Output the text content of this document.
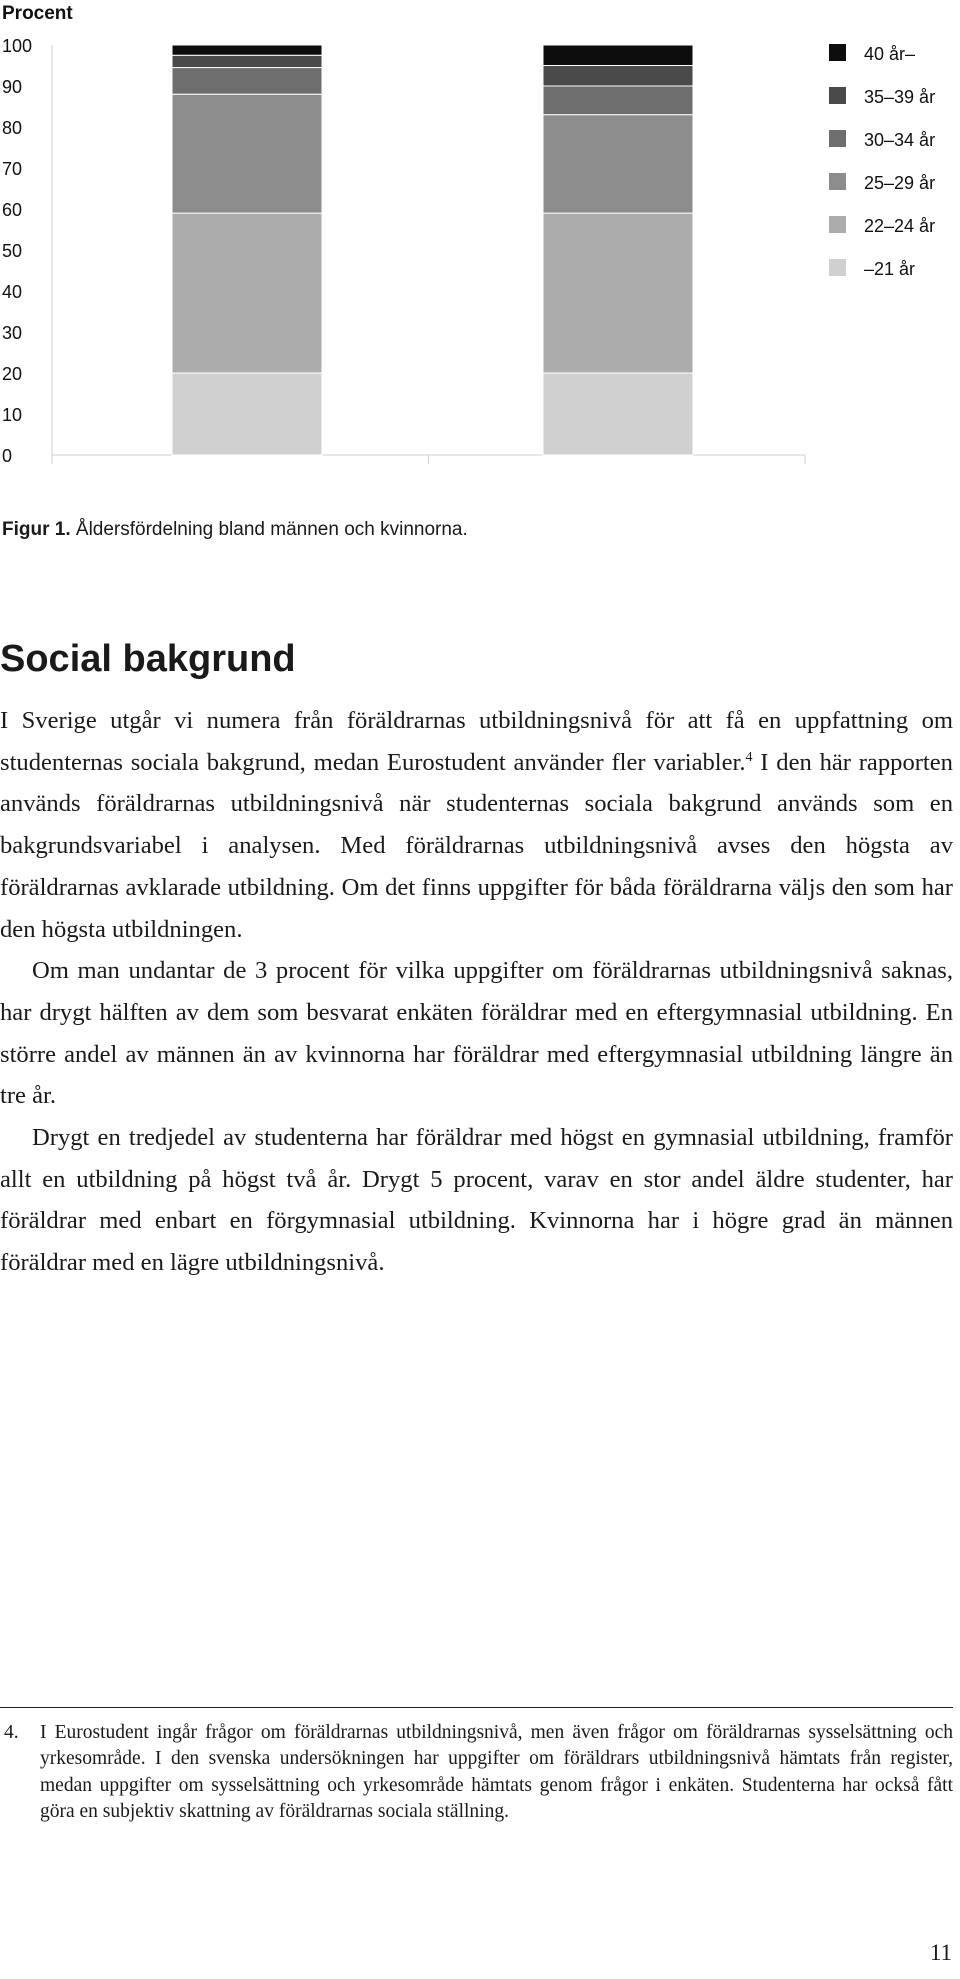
Procent
0
10
20
30
40
50
60
70
80
90
100	40 år–
35–39 år
30–34 år
25–29 år
22–24 år
–21 år
Figur 1. Åldersfördelning bland männen och kvinnorna.
Social bakgrund

I Sverige utgår vi numera från föräldrarnas utbildningsnivå för att få en uppfattning om studenternas sociala bakgrund, medan Eurostudent använder fler variabler.$^4$ I den här rapporten används föräldrarnas utbildningsnivå när studenternas sociala bakgrund används som en bakgrundsvariabel i analysen. Med föräldrarnas utbildningsnivå avses den högsta av föräldrarnas avklarade utbildning. Om det finns uppgifter för båda föräldrarna väljs den som har den högsta utbildningen.

Om man undantar de 3 procent för vilka uppgifter om föräldrarnas utbildningsnivå saknas, har drygt hälften av dem som besvarat enkäten föräldrar med en eftergymnasial utbildning. En större andel av männen än av kvinnorna har föräldrar med eftergymnasial utbildning längre än tre år.

Drygt en tredjedel av studenterna har föräldrar med högst en gymnasial utbildning, framför allt en utbildning på högst två år. Drygt 5 procent, varav en stor andel äldre studenter, har föräldrar med enbart en förgymnasial utbildning. Kvinnorna har i högre grad än männen föräldrar med en lägre utbildningsnivå.

4. I Eurostudent ingår frågor om föräldrarnas utbildningsnivå, men även frågor om föräldrarnas sysselsättning och yrkesområde. I den svenska undersökningen har uppgifter om föräldrars utbildningsnivå hämtats från register, medan uppgifter om sysselsättning och yrkesområde hämtats genom frågor i enkäten. Studenterna har också fått göra en subjektiv skattning av föräldrarnas sociala ställning.
11
